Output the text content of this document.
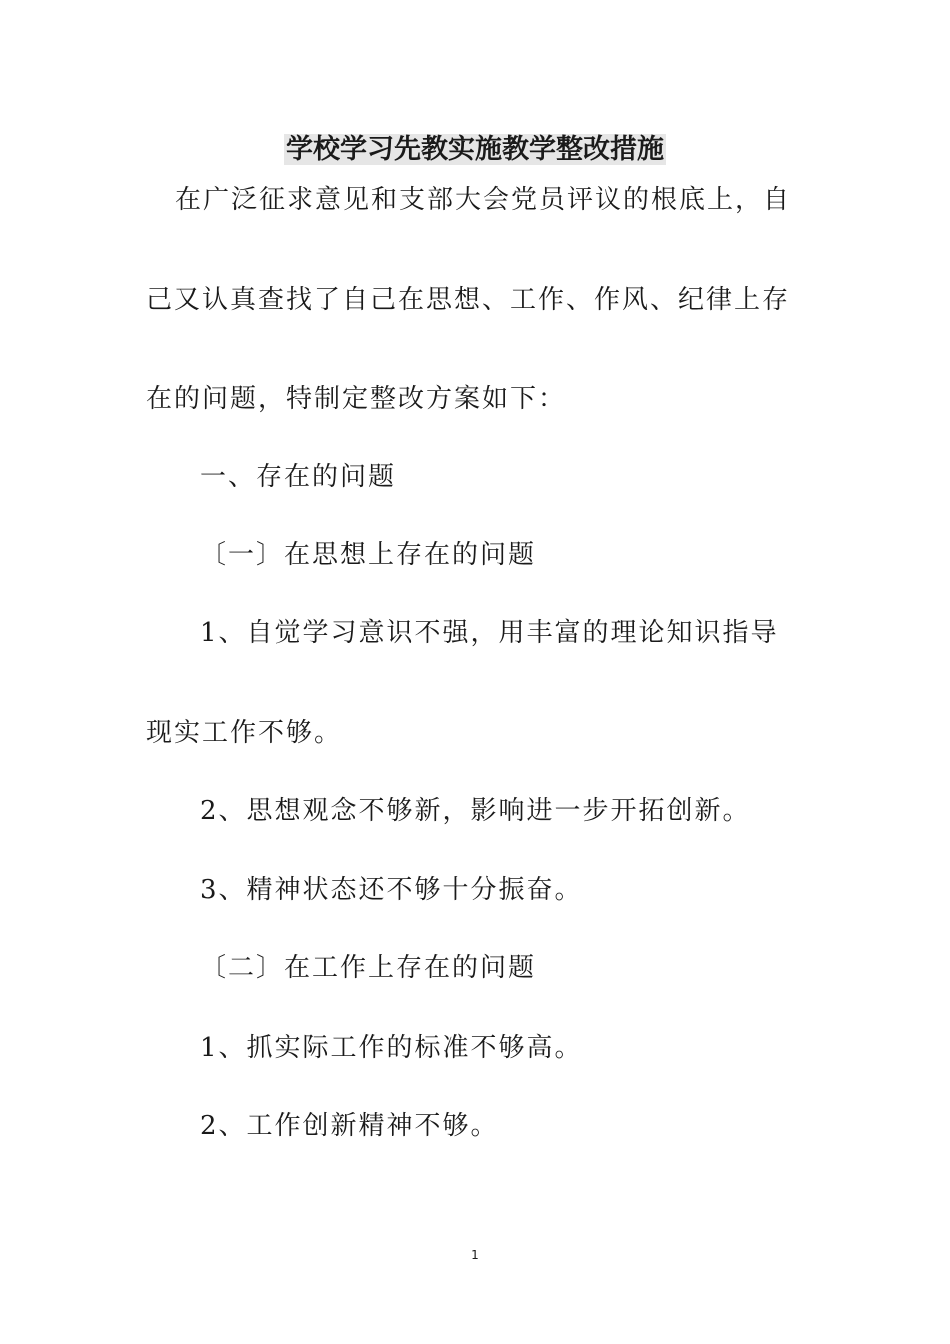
学校学习先教实施教学整改措施
在广泛征求意见和支部大会党员评议的根底上，自
己又认真查找了自己在思想、工作、作风、纪律上存
在的问题，特制定整改方案如下：
一、存在的问题
〔一〕在思想上存在的问题
1、自觉学习意识不强，用丰富的理论知识指导
现实工作不够。
2、思想观念不够新，影响进一步开拓创新。
3、精神状态还不够十分振奋。
〔二〕在工作上存在的问题
1、抓实际工作的标准不够高。
2、工作创新精神不够。
1
